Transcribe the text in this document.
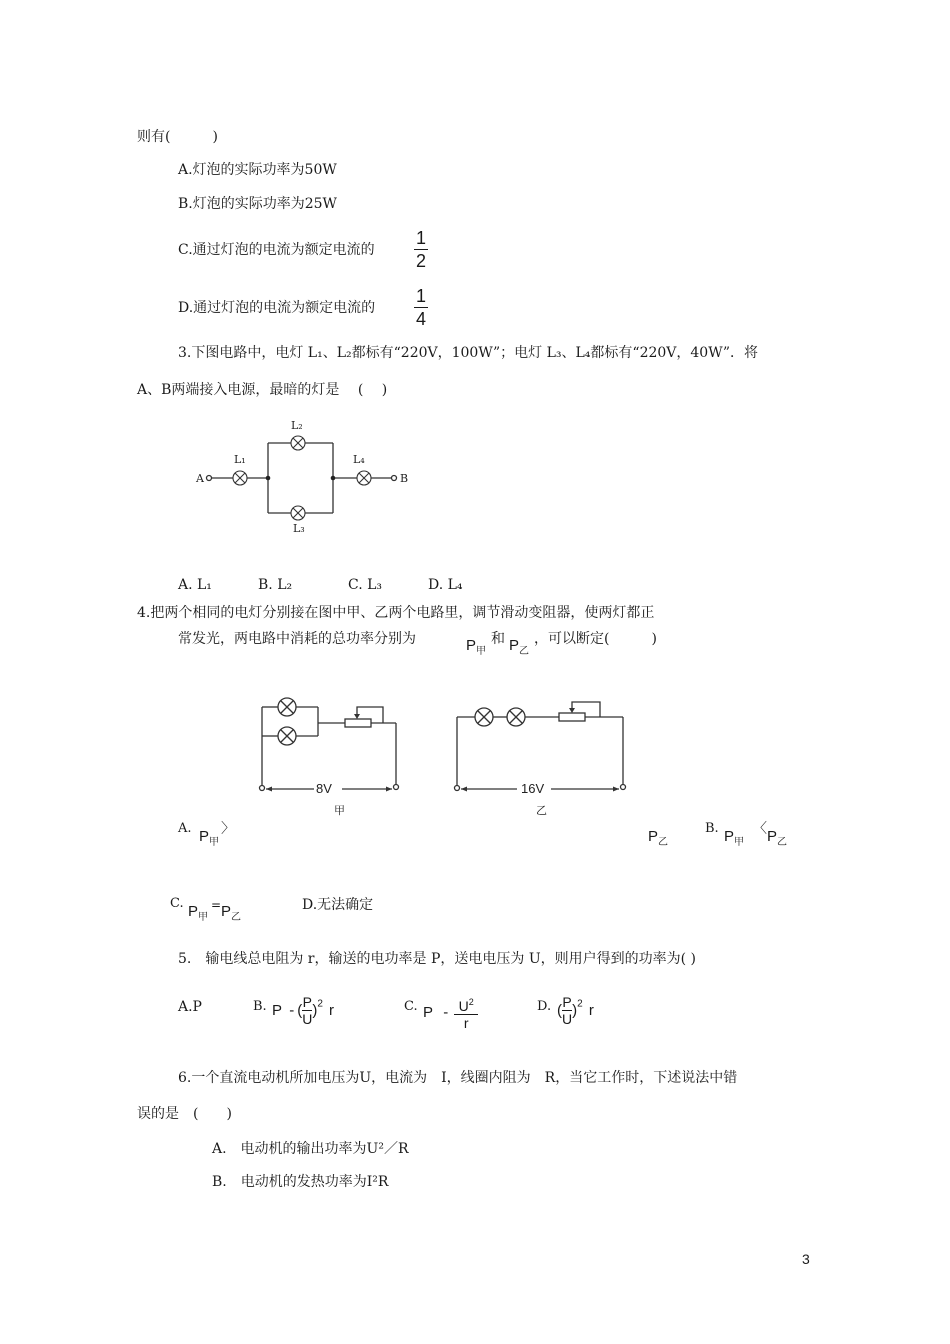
则有(　　　)
A.灯泡的实际功率为50W
B.灯泡的实际功率为25W
C.通过灯泡的电流为额定电流的
1
2
D.通过灯泡的电流为额定电流的
1
4
3.下图电路中，电灯 L₁、L₂都标有“220V，100W”；电灯 L₃、L₄都标有“220V，40W”．将
A、B两端接入电源，最暗的灯是　 (　 )
A	B
L₁
L₂
L₃
L₄
A. L₁	B. L₂	C. L₃	D. L₄
4.把两个相同的电灯分别接在图中甲、乙两个电路里，调节滑动变阻器，使两灯都正
常发光，两电路中消耗的总功率分别为	$P_甲$
和 $P_乙$
，可以断定(　　　)
8V
甲
16V
乙
A. $P_甲$
〉	$P_乙$
B. $P_甲$
〈 $P_乙$
C. $P_甲$
= $P_乙$
D.无法确定
5.　输电线总电阻为 r，输送的电功率是 P，送电电压为 U，则用户得到的功率为( )
A.P	B. P - ( $\frac{P}{U} )^2$ r	C. P - $\frac{U^2}{r}$	D. ( $\frac{P}{U} )^2$ r
6.一个直流电动机所加电压为U，电流为　I，线圈内阻为　R，当它工作时，下述说法中错
误的是　(　　)
A.　电动机的输出功率为U²／R
B.　电动机的发热功率为I²R
3
